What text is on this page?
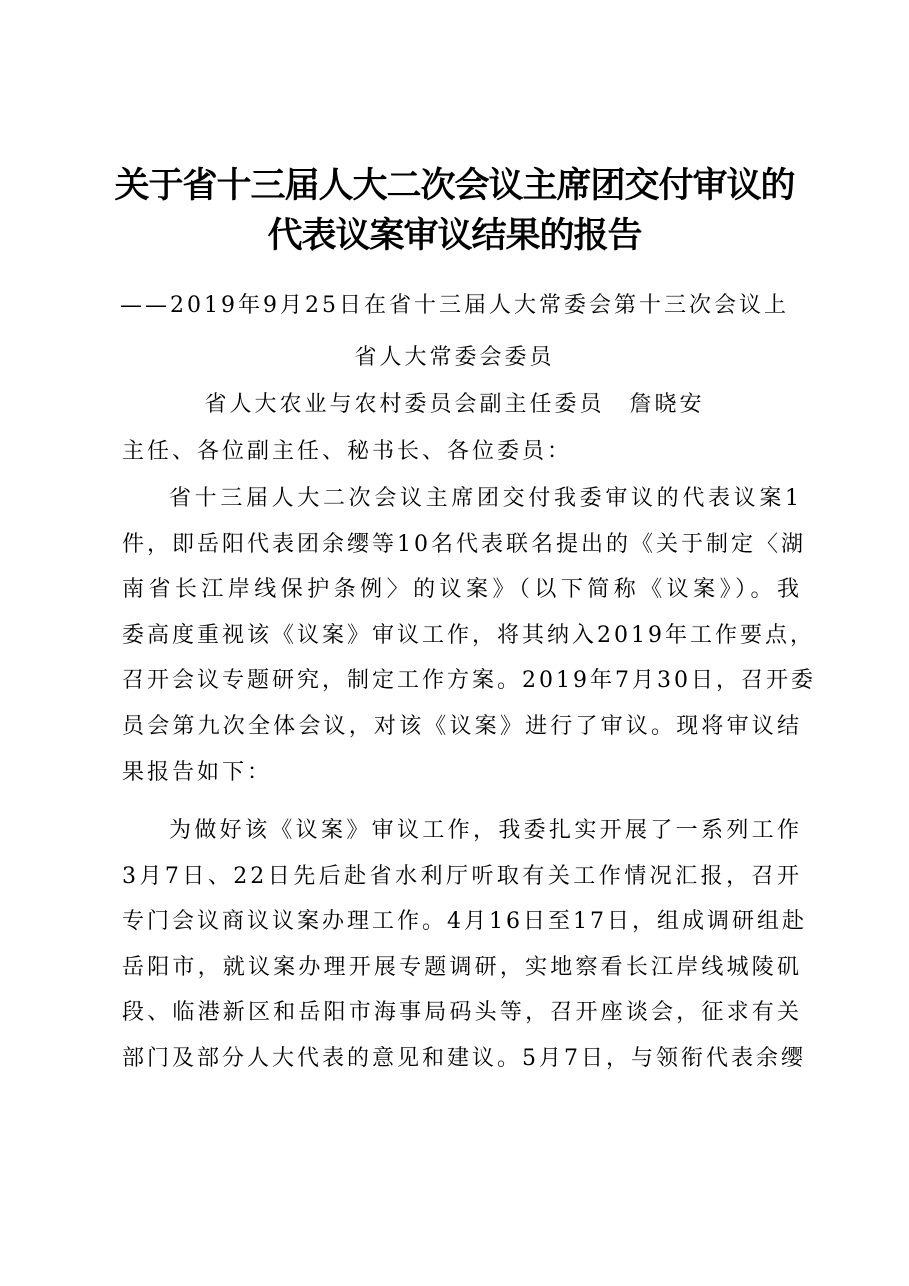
关于省十三届人大二次会议主席团交付审议的
代表议案审议结果的报告
——2019年9月25日在省十三届人大常委会第十三次会议上
省人大常委会委员
省人大农业与农村委员会副主任委员　詹晓安
主任、各位副主任、秘书长、各位委员：
省十三届人大二次会议主席团交付我委审议的代表议案1
件，即岳阳代表团余缨等10名代表联名提出的《关于制定〈湖
南省长江岸线保护条例〉的议案》（以下简称《议案》）。我
委高度重视该《议案》审议工作，将其纳入2019年工作要点，
召开会议专题研究，制定工作方案。2019年7月30日，召开委
员会第九次全体会议，对该《议案》进行了审议。现将审议结
果报告如下：
为做好该《议案》审议工作，我委扎实开展了一系列工作
3月7日、22日先后赴省水利厅听取有关工作情况汇报，召开
专门会议商议议案办理工作。4月16日至17日，组成调研组赴
岳阳市，就议案办理开展专题调研，实地察看长江岸线城陵矶
段、临港新区和岳阳市海事局码头等，召开座谈会，征求有关
部门及部分人大代表的意见和建议。5月7日，与领衔代表余缨
